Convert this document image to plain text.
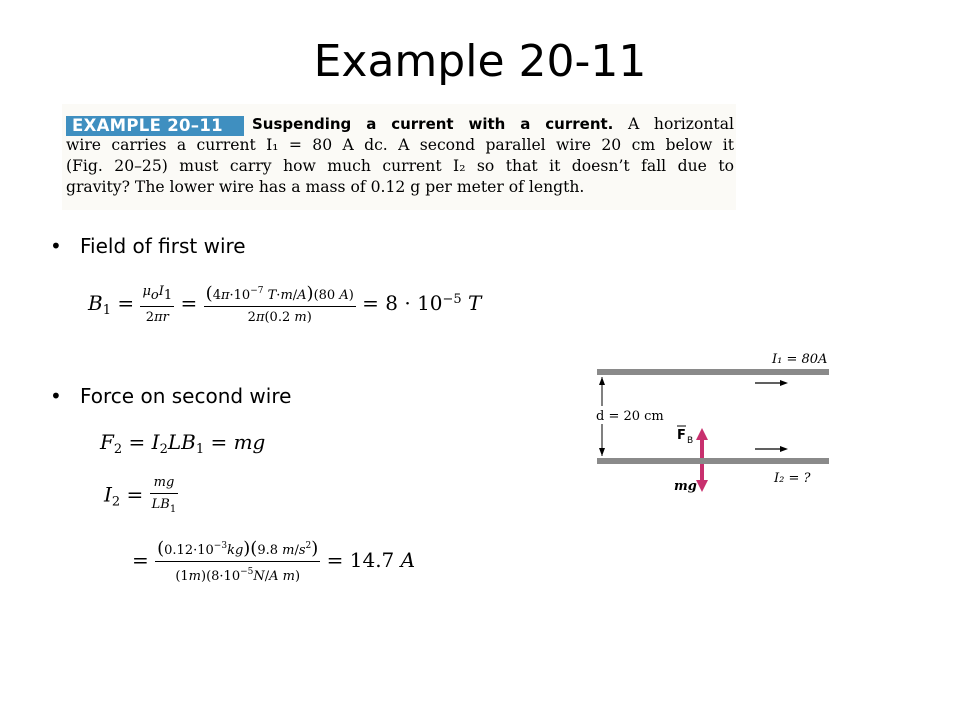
Example 20-11
EXAMPLE 20–11	Suspending a current with a current. A horizontal
wire carries a current I₁ = 80 A dc. A second parallel wire 20 cm below it
(Fig. 20–25) must carry how much current I₂ so that it doesn’t fall due to
gravity? The lower wire has a mass of 0.12 g per meter of length.
• Field of first wire
$B_1 = \frac{\mu_oI_1}{2\pi r} = \frac{(4\pi\cdot 10^{-7} T\cdot m/A)(80 A)}{2\pi(0.2 m)} = 8 \cdot 10^{-5}$ T
• Force on second wire
$F_2 = I_2LB_1$ = mg
$I_2 = \frac{mg}{LB_1}$
= $\frac{(0.12\cdot 10^{-3}kg)(9.8 m/s^2)}{(1m)(8\cdot 10^{-5}N/A m)} = 14.7$ A
I₁ = 80A
d = 20 cm
F B
mg
I₂ = ?
